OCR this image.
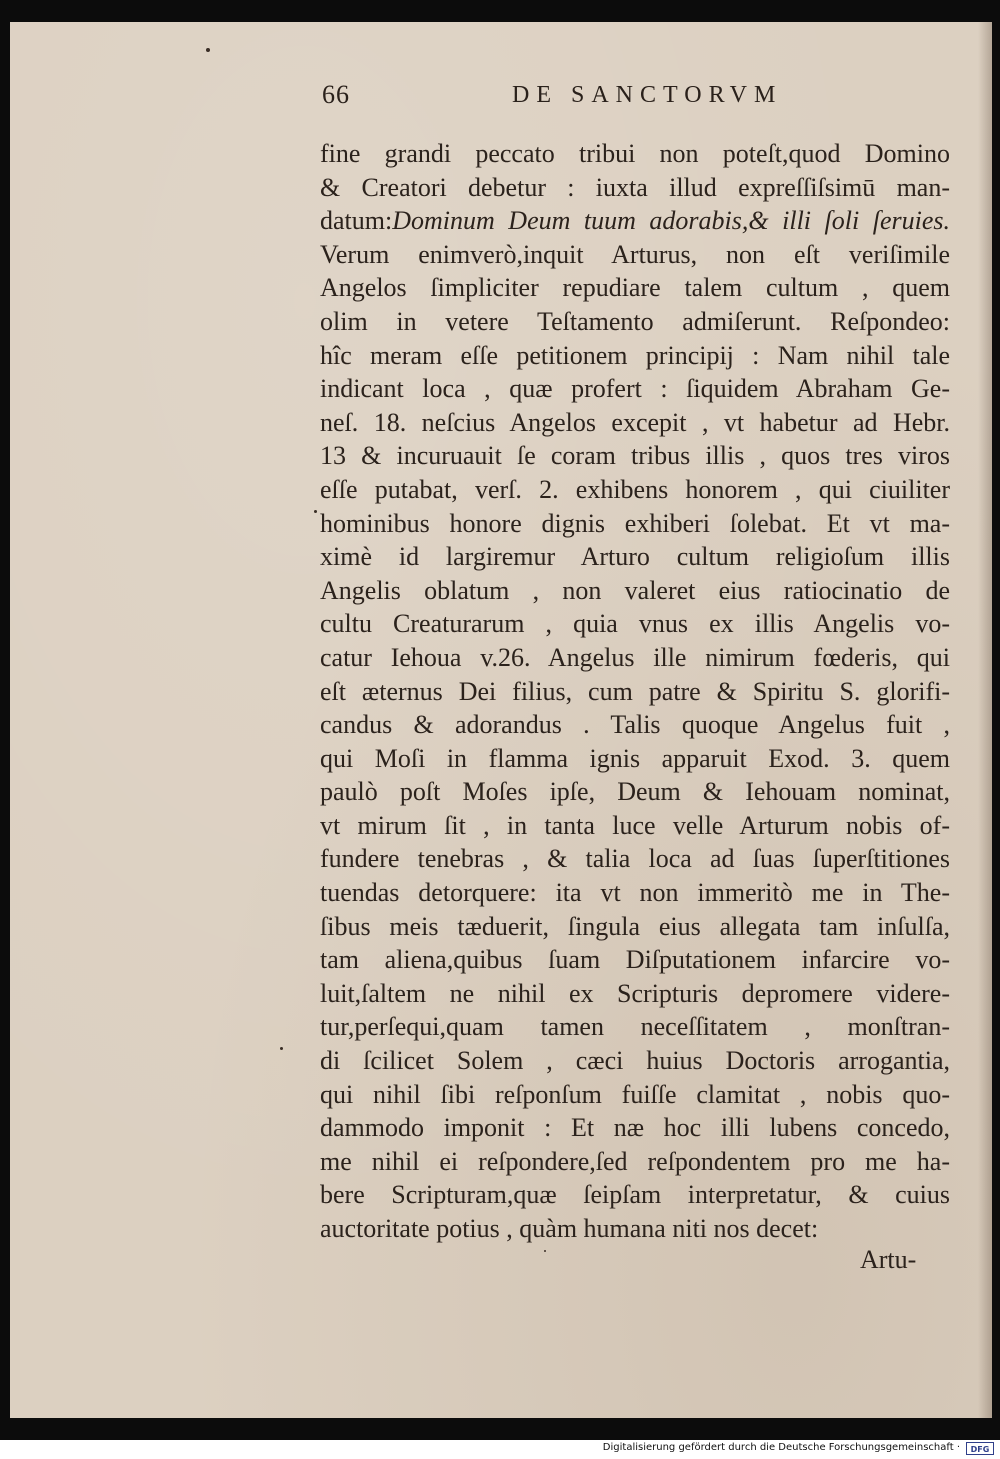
66	DE SANCTORVM
fine grandi peccato tribui non poteſt,quod Domino
& Creatori debetur : iuxta illud expreſſiſsimū man-
datum:Dominum Deum tuum adorabis,& illi ſoli ſeruies.
Verum enimverò,inquit Arturus, non eſt veriſimile
Angelos ſimpliciter repudiare talem cultum , quem
olim in vetere Teſtamento admiſerunt. Reſpondeo:
hîc meram eſſe petitionem principij : Nam nihil tale
indicant loca , quæ profert : ſiquidem Abraham Ge-
neſ. 18. neſcius Angelos excepit , vt habetur ad Hebr.
13 & incuruauit ſe coram tribus illis , quos tres viros
eſſe putabat, verſ. 2. exhibens honorem , qui ciuiliter
hominibus honore dignis exhiberi ſolebat. Et vt ma-
ximè id largiremur Arturo cultum religioſum illis
Angelis oblatum , non valeret eius ratiocinatio de
cultu Creaturarum , quia vnus ex illis Angelis vo-
catur Iehoua v.26. Angelus ille nimirum fœderis, qui
eſt æternus Dei filius, cum patre & Spiritu S. glorifi-
candus & adorandus . Talis quoque Angelus fuit ,
qui Moſi in flamma ignis apparuit Exod. 3. quem
paulò poſt Moſes ipſe, Deum & Iehouam nominat,
vt mirum ſit , in tanta luce velle Arturum nobis of-
fundere tenebras , & talia loca ad ſuas ſuperſtitiones
tuendas detorquere: ita vt non immeritò me in The-
ſibus meis tæduerit, ſingula eius allegata tam inſulſa,
tam aliena,quibus ſuam Diſputationem infarcire vo-
luit,ſaltem ne nihil ex Scripturis depromere videre-
tur,perſequi,quam tamen neceſſitatem , monſtran-
di ſcilicet Solem , cæci huius Doctoris arrogantia,
qui nihil ſibi reſponſum fuiſſe clamitat , nobis quo-
dammodo imponit : Et næ hoc illi lubens concedo,
me nihil ei reſpondere,ſed reſpondentem pro me ha-
bere Scripturam,quæ ſeipſam interpretatur, & cuius
auctoritate potius , quàm humana niti nos decet:
Artu-
Digitalisierung gefördert durch die Deutsche Forschungsgemeinschaft ·	DFG
